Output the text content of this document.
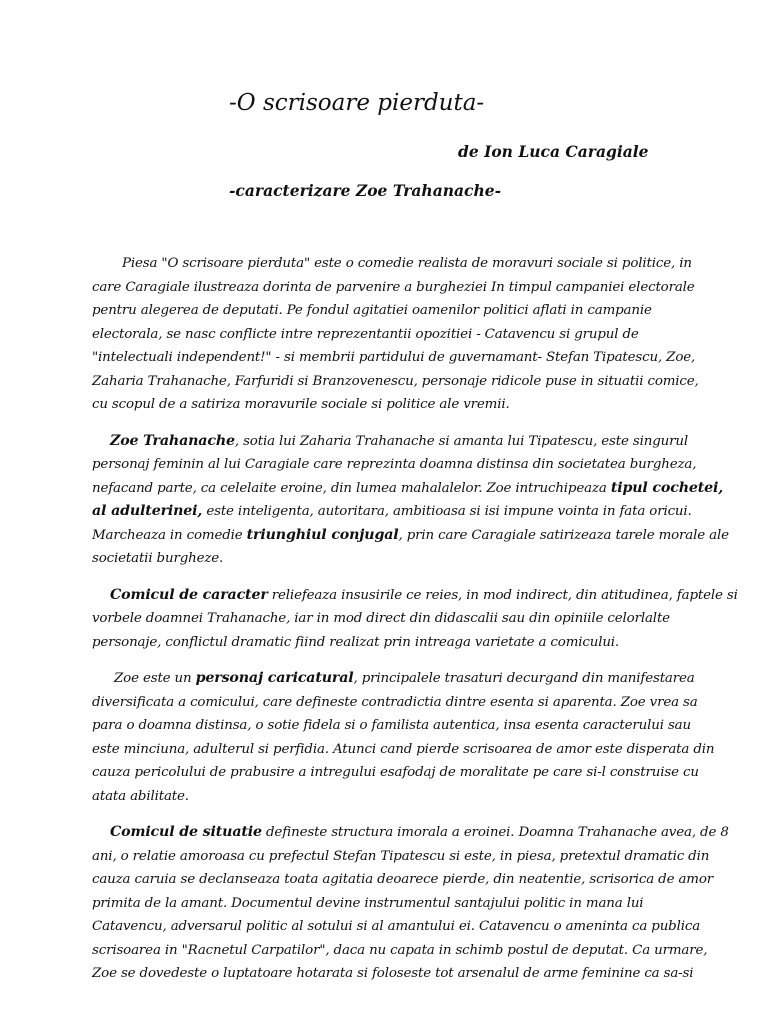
-O scrisoare pierduta-
de Ion Luca Caragiale
-caracterizare Zoe Trahanache-
Piesa "O scrisoare pierduta" este o comedie realista de moravuri sociale si politice, in
care Caragiale ilustreaza dorinta de parvenire a burgheziei In timpul campaniei electorale
pentru alegerea de deputati. Pe fondul agitatiei oamenilor politici aflati in campanie
electorala, se nasc conflicte intre reprezentantii opozitiei - Catavencu si grupul de
"intelectuali independent!" - si membrii partidului de guvernamant- Stefan Tipatescu, Zoe,
Zaharia Trahanache, Farfuridi si Branzovenescu, personaje ridicole puse in situatii comice,
cu scopul de a satiriza moravurile sociale si politice ale vremii.
Zoe Trahanache, sotia lui Zaharia Trahanache si amanta lui Tipatescu, este singurul
personaj feminin al lui Caragiale care reprezinta doamna distinsa din societatea burgheza,
nefacand parte, ca celelaite eroine, din lumea mahalalelor. Zoe intruchipeaza tipul cochetei,
al adulterinei, este inteligenta, autoritara, ambitioasa si isi impune vointa in fata oricui.
Marcheaza in comedie triunghiul conjugal, prin care Caragiale satirizeaza tarele morale ale
societatii burgheze.
Comicul de caracter reliefeaza insusirile ce reies, in mod indirect, din atitudinea, faptele si
vorbele doamnei Trahanache, iar in mod direct din didascalii sau din opiniile celorlalte
personaje, conflictul dramatic fiind realizat prin intreaga varietate a comicului.
Zoe este un personaj caricatural, principalele trasaturi decurgand din manifestarea
diversificata a comicului, care defineste contradictia dintre esenta si aparenta. Zoe vrea sa
para o doamna distinsa, o sotie fidela si o familista autentica, insa esenta caracterului sau
este minciuna, adulterul si perfidia. Atunci cand pierde scrisoarea de amor este disperata din
cauza pericolului de prabusire a intregului esafodaj de moralitate pe care si-l construise cu
atata abilitate.
Comicul de situatie defineste structura imorala a eroinei. Doamna Trahanache avea, de 8
ani, o relatie amoroasa cu prefectul Stefan Tipatescu si este, in piesa, pretextul dramatic din
cauza caruia se declanseaza toata agitatia deoarece pierde, din neatentie, scrisorica de amor
primita de la amant. Documentul devine instrumentul santajului politic in mana lui
Catavencu, adversarul politic al sotului si al amantului ei. Catavencu o ameninta ca publica
scrisoarea in "Racnetul Carpatilor", daca nu capata in schimb postul de deputat. Ca urmare,
Zoe se dovedeste o luptatoare hotarata si foloseste tot arsenalul de arme feminine ca sa-si
